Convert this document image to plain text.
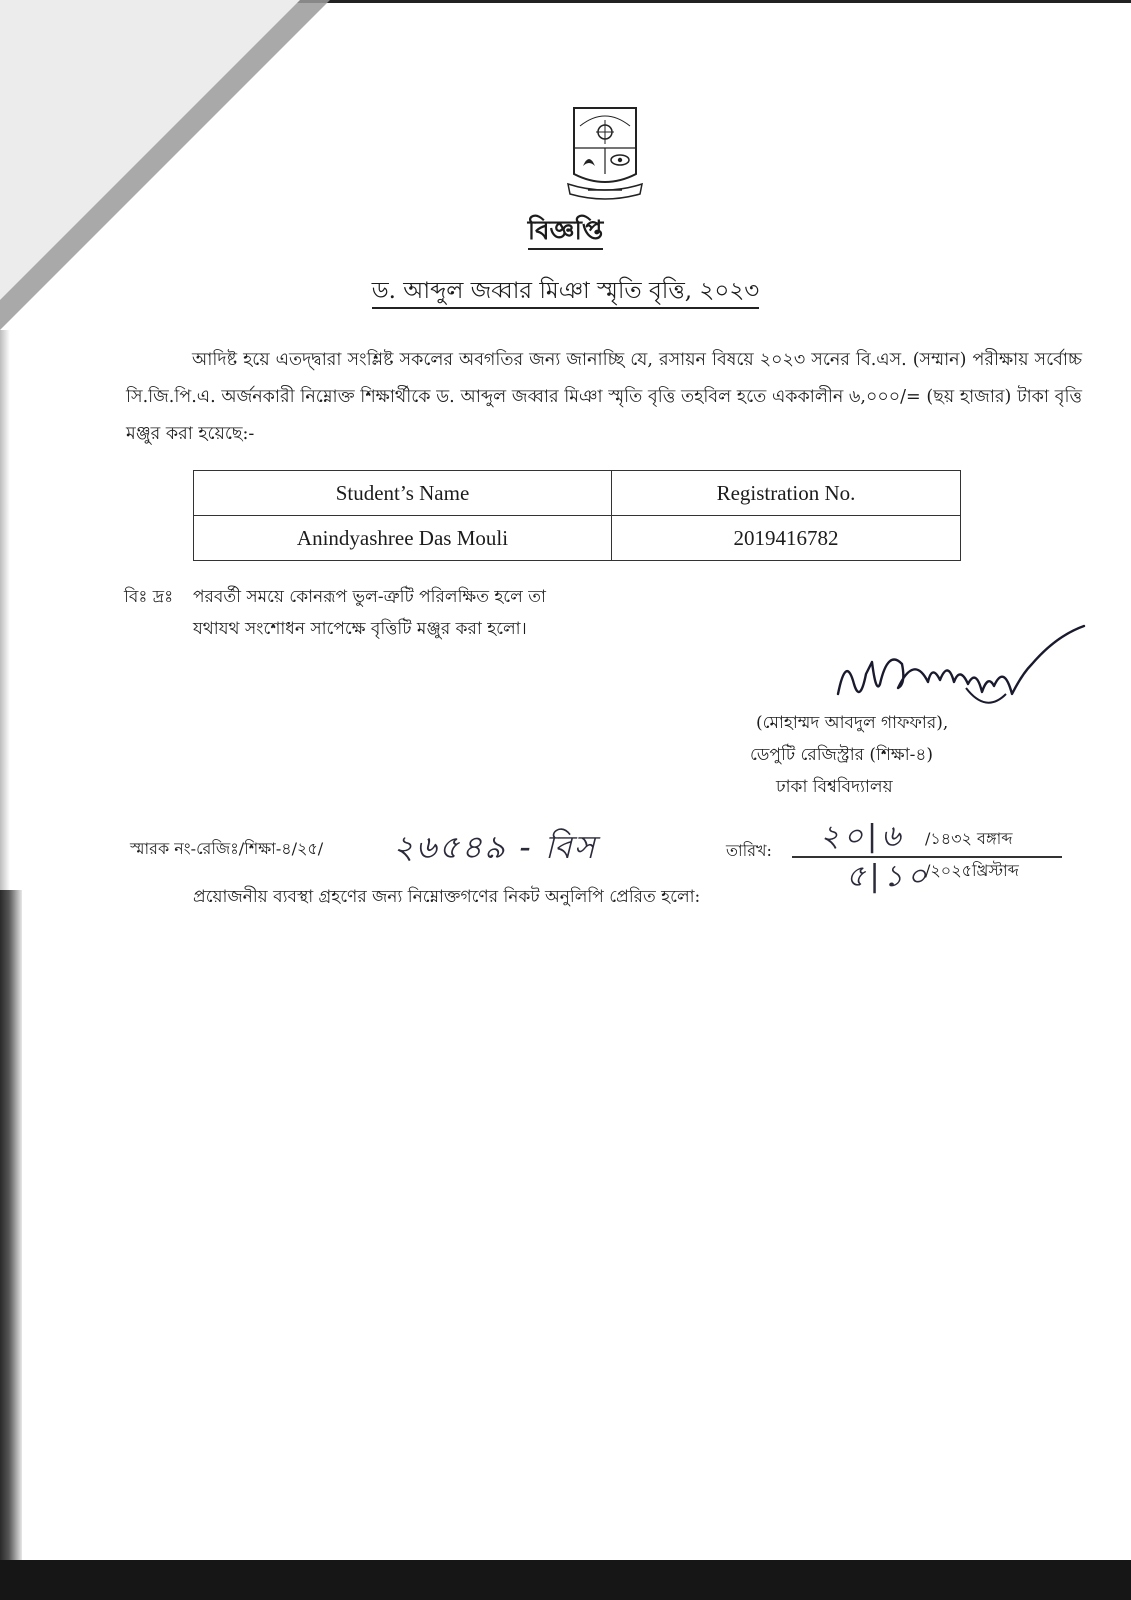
বিজ্ঞপ্তি
ড. আব্দুল জব্বার মিঞা স্মৃতি বৃত্তি, ২০২৩
আদিষ্ট হয়ে এতদ্দ্বারা সংশ্লিষ্ট সকলের অবগতির জন্য জানাচ্ছি যে, রসায়ন বিষয়ে ২০২৩ সনের বি.এস. (সম্মান) পরীক্ষায় সর্বোচ্চ সি.জি.পি.এ. অর্জনকারী নিম্নোক্ত শিক্ষার্থীকে ড. আব্দুল জব্বার মিঞা স্মৃতি বৃত্তি তহবিল হতে এককালীন ৬,০০০/= (ছয় হাজার) টাকা বৃত্তি মঞ্জুর করা হয়েছে:-
Student’s Name	Registration No.
Anindyashree Das Mouli	2019416782
বিঃ দ্রঃ পরবর্তী সময়ে কোনরূপ ভুল-ত্রুটি পরিলক্ষিত হলে তা
যথাযথ সংশোধন সাপেক্ষে বৃত্তিটি মঞ্জুর করা হলো।
(মোহাম্মদ আবদুল গাফফার),
ডেপুটি রেজিস্ট্রার (শিক্ষা-৪)
ঢাকা বিশ্ববিদ্যালয়
স্মারক নং-রেজিঃ/শিক্ষা-৪/২৫/ ২৬৫৪৯ - বিস	তারিখ: ২০|৬ /১৪৩২ বঙ্গাব্দ
৫|১০
/২০২৫খ্রিস্টাব্দ
প্রয়োজনীয় ব্যবস্থা গ্রহণের জন্য নিম্নোক্তগণের নিকট অনুলিপি প্রেরিত হলো:
